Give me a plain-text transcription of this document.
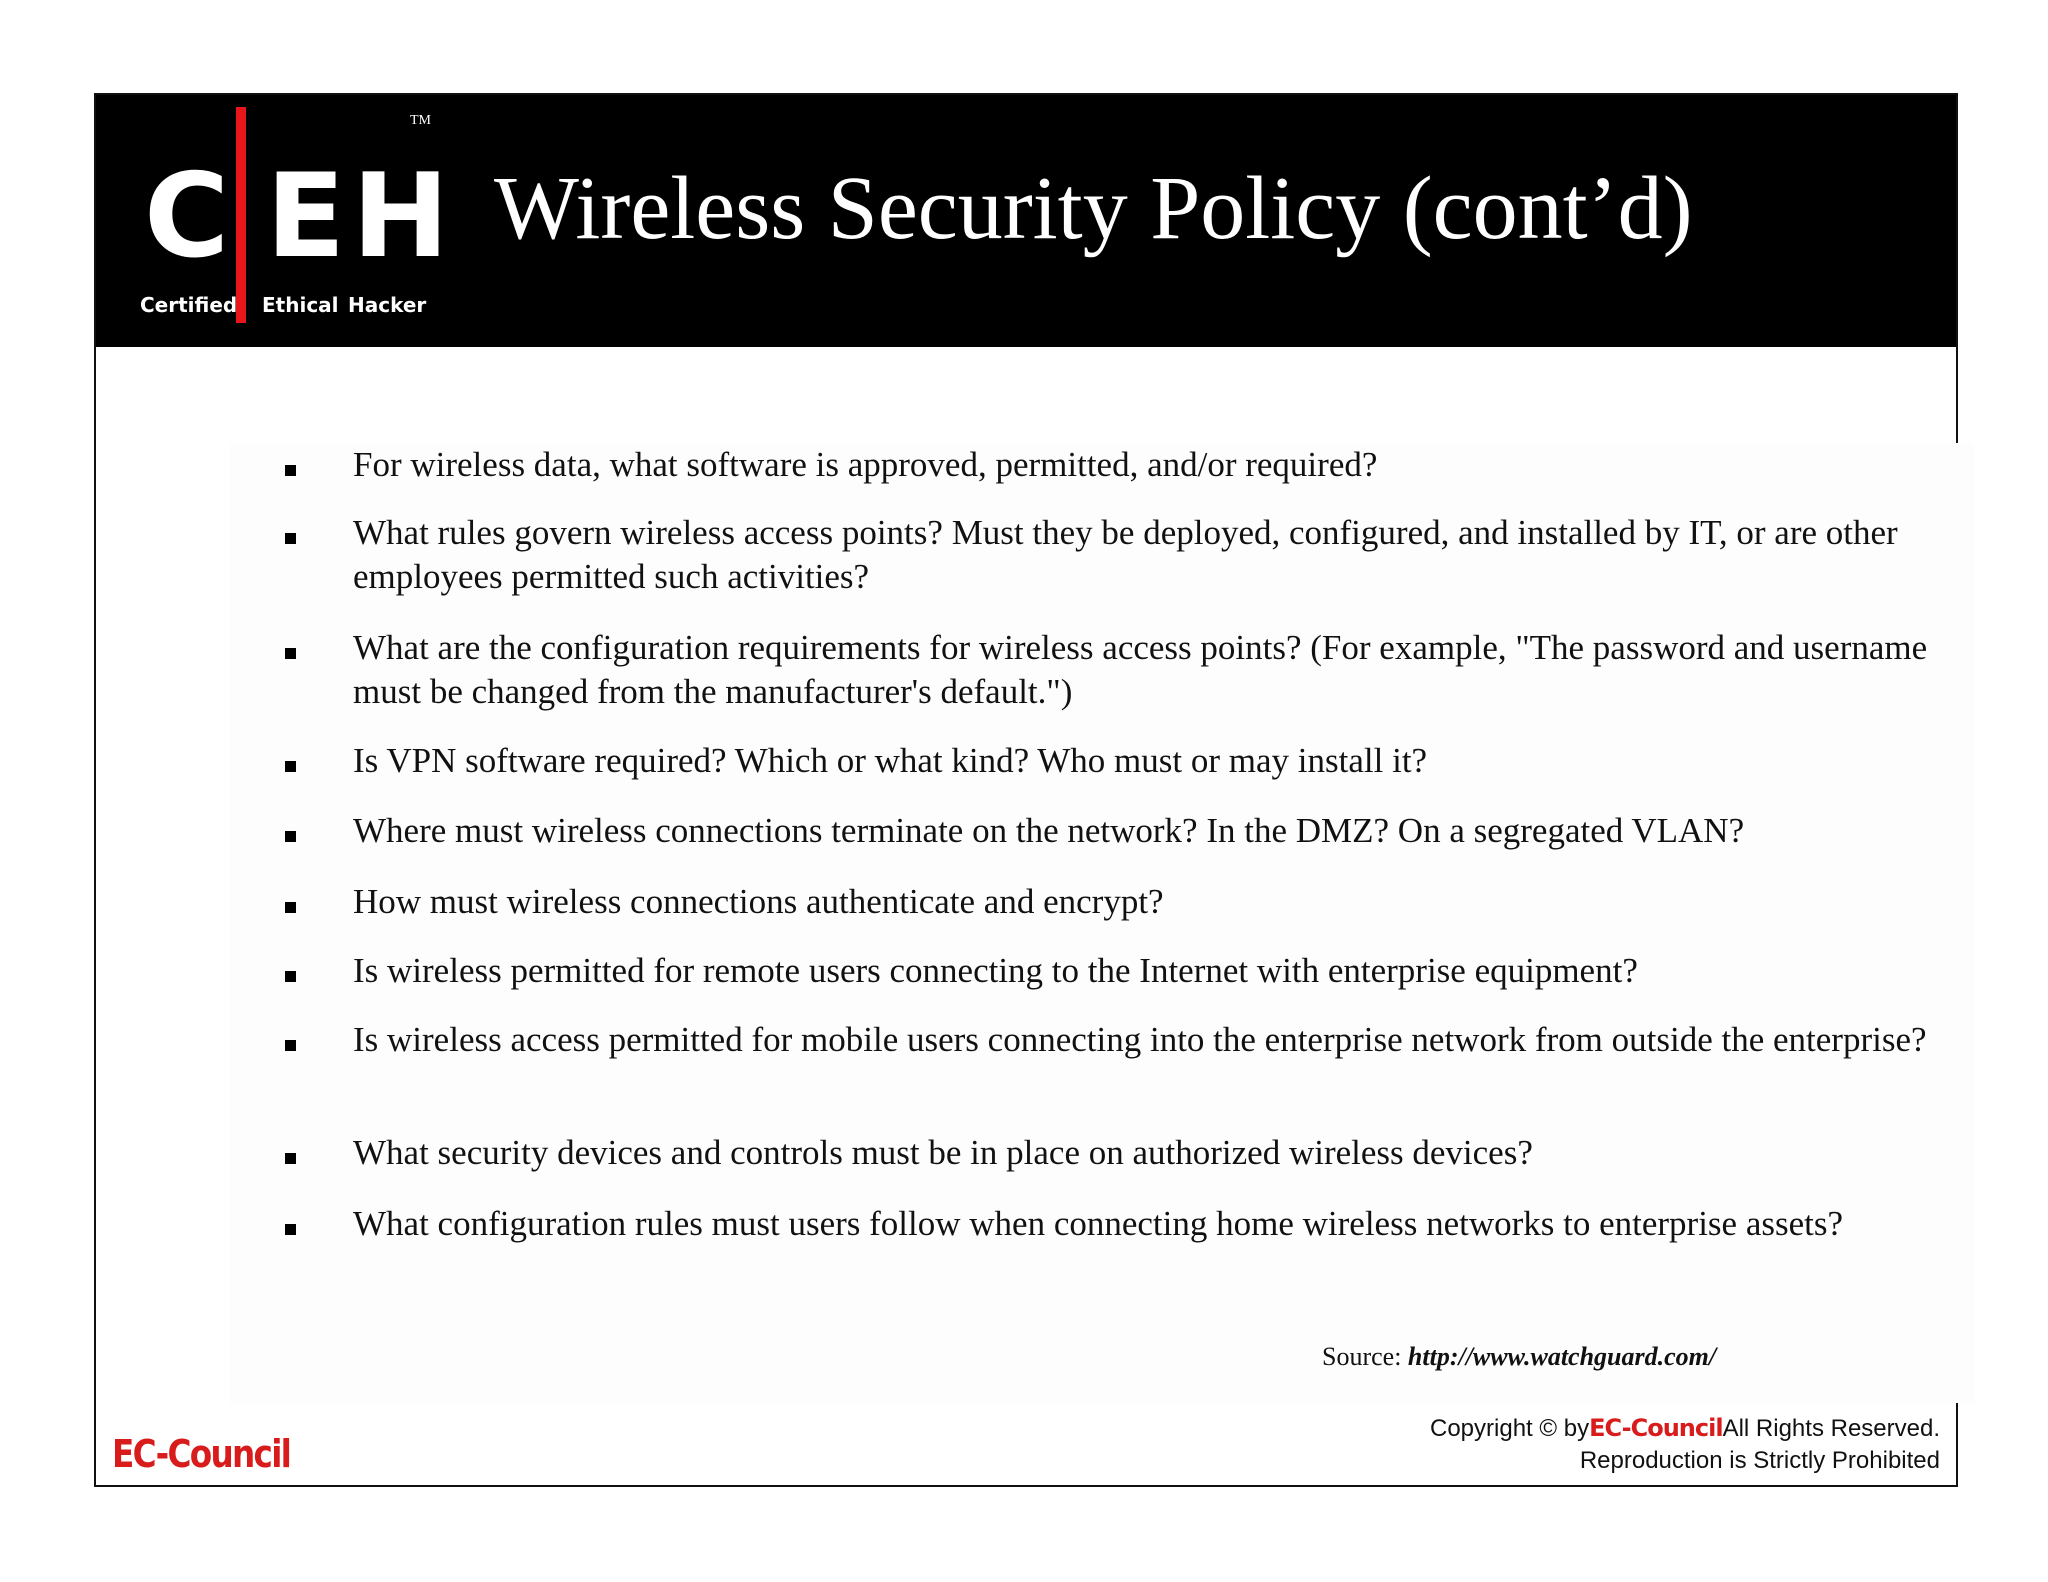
C E H
TM
Certified Ethical Hacker
Wireless Security Policy (cont’d)
For wireless data, what software is approved, permitted, and/or required?
What rules govern wireless access points? Must they be deployed, configured, and installed by IT, or are other employees permitted such activities?
What are the configuration requirements for wireless access points? (For example, "The password and username must be changed from the manufacturer's default.")
Is VPN software required? Which or what kind? Who must or may install it?
Where must wireless connections terminate on the network? In the DMZ? On a segregated VLAN?
How must wireless connections authenticate and encrypt?
Is wireless permitted for remote users connecting to the Internet with enterprise equipment?
Is wireless access permitted for mobile users connecting into the enterprise network from outside the enterprise?
What security devices and controls must be in place on authorized wireless devices?
What configuration rules must users follow when connecting home wireless networks to enterprise assets?
Source: http://www.watchguard.com/
Copyright © byEC-CouncilAll Rights Reserved.
Reproduction is Strictly Prohibited
EC-Council
